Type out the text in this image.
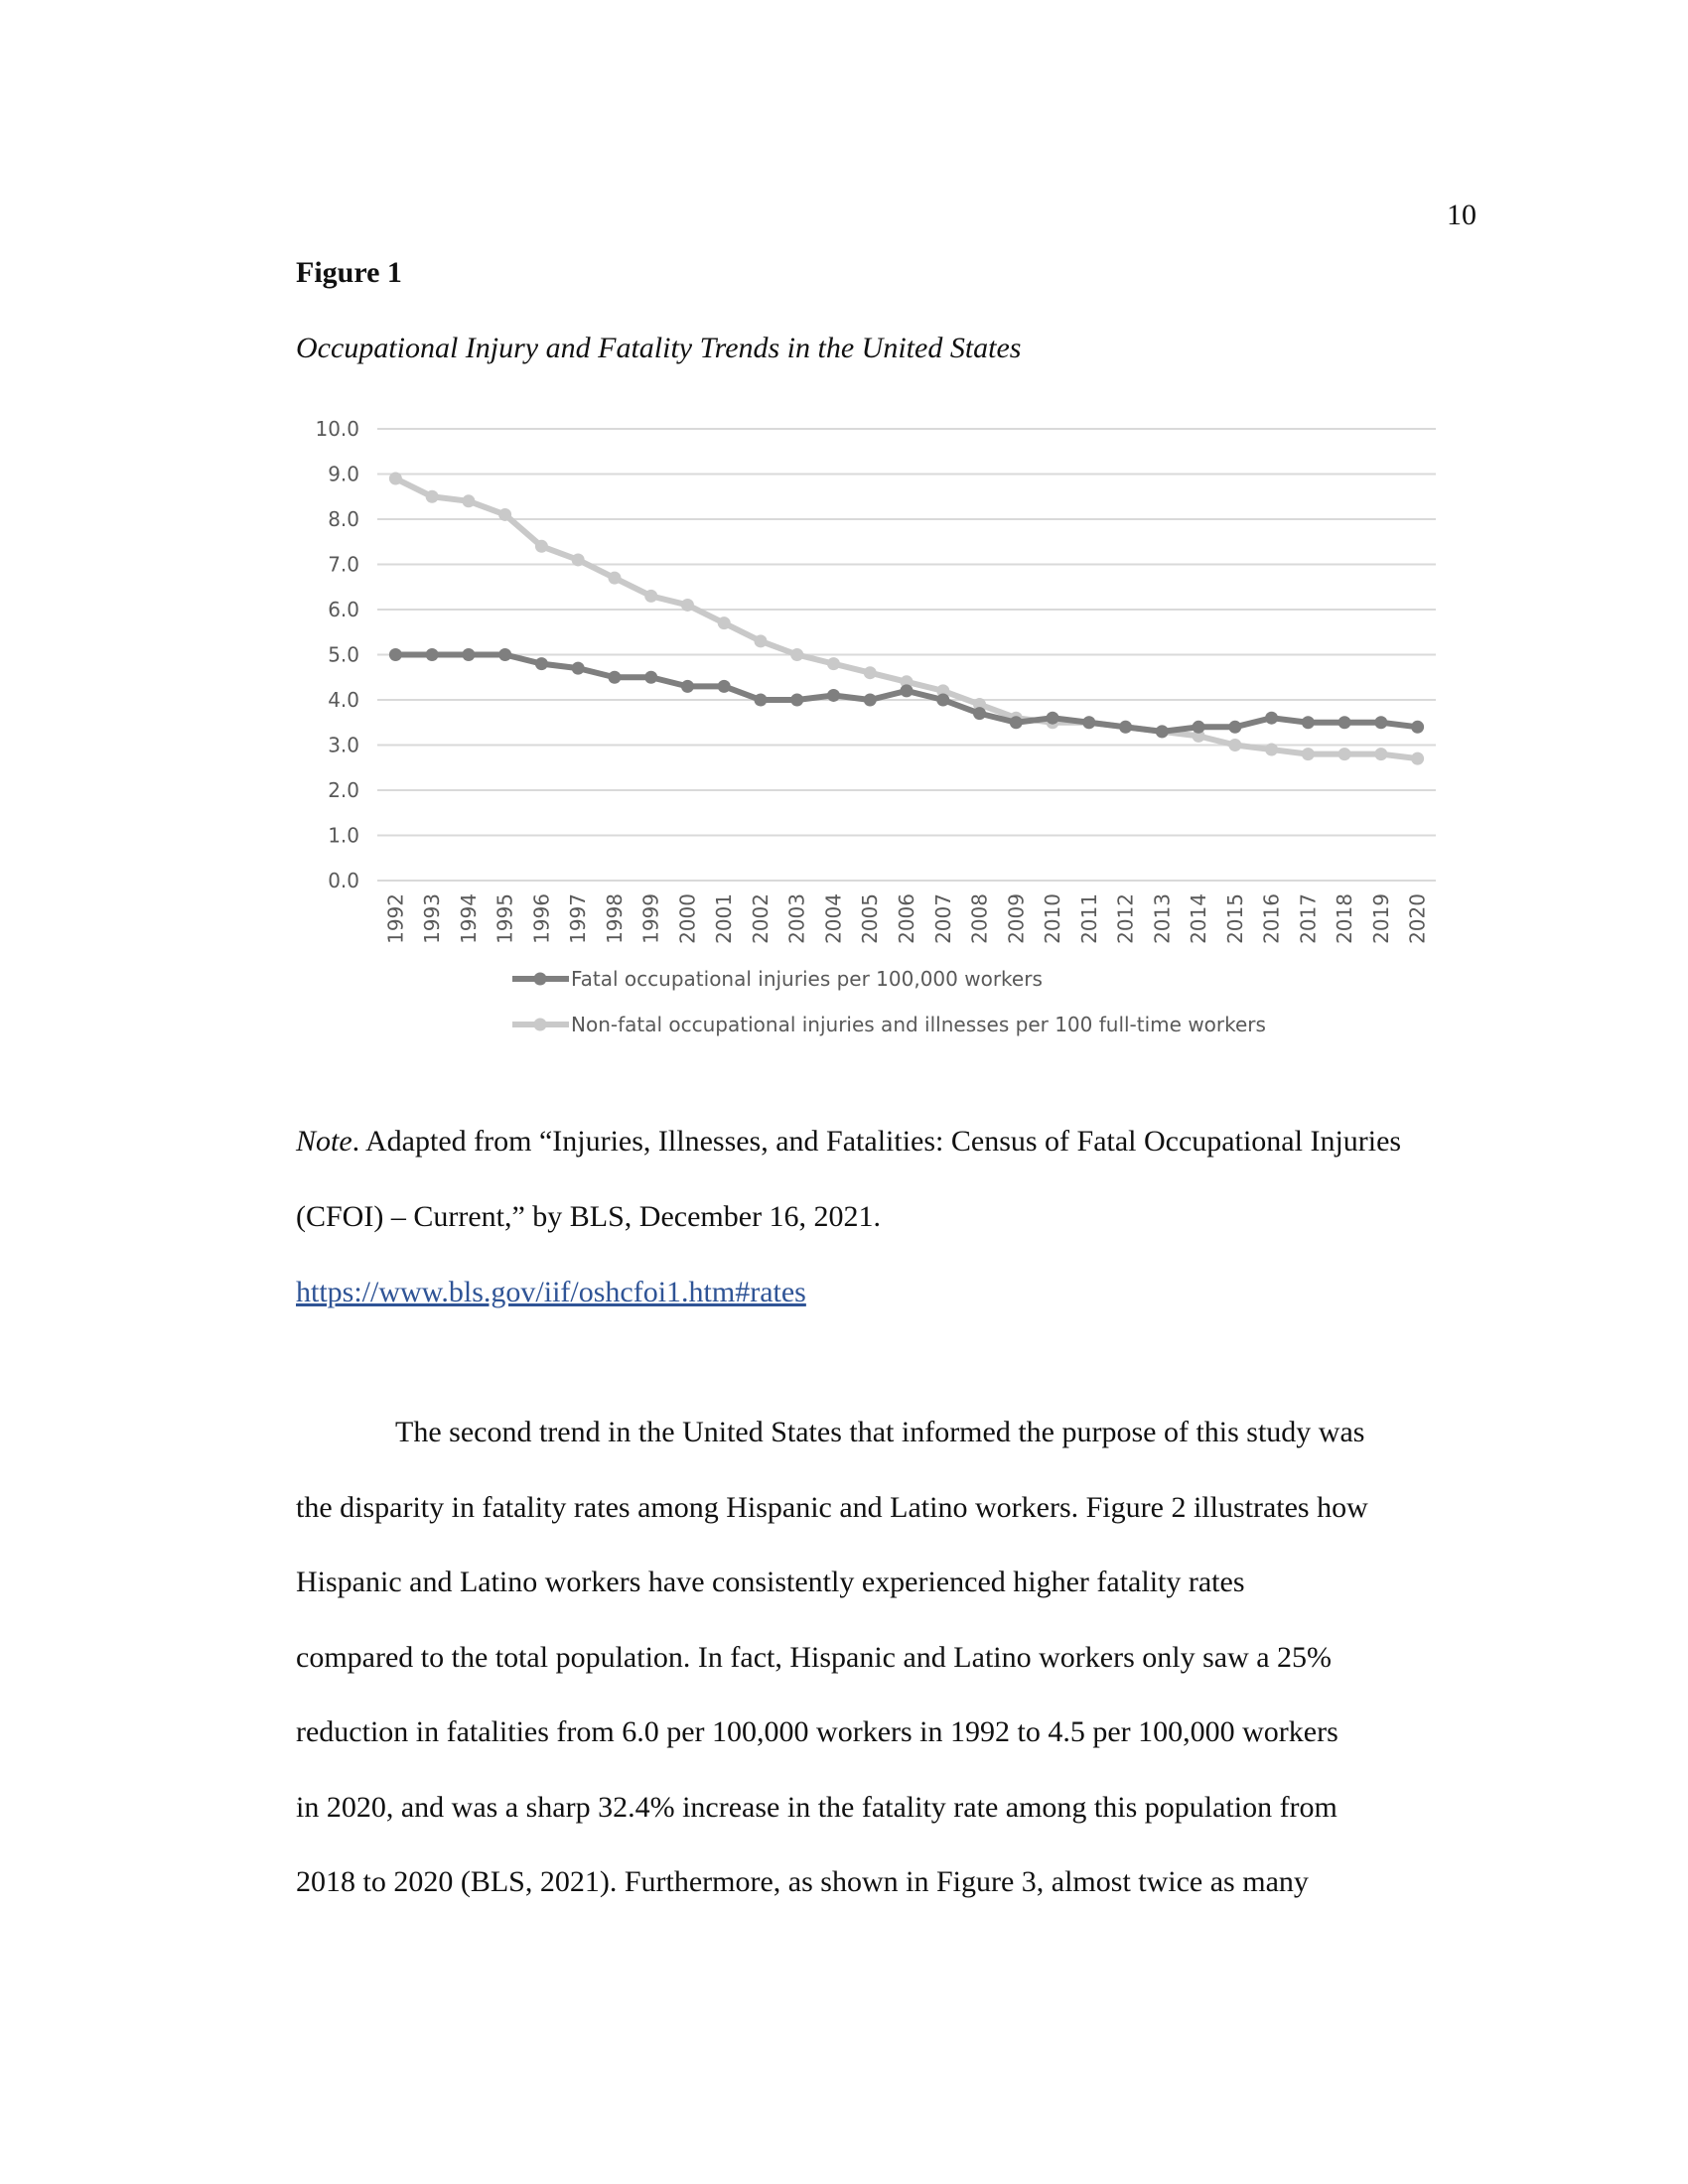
10
Figure 1
Occupational Injury and Fatality Trends in the United States
0.0
1.0
2.0
3.0
4.0
5.0
6.0
7.0
8.0
9.0
10.0
1992 1993 1994 1995 1996 1997 1998 1999 2000 2001 2002 2003 2004 2005 2006 2007 2008 2009 2010 2011 2012 2013 2014 2015 2016 2017 2018 2019 2020
Fatal occupational injuries per 100,000 workers
Non-fatal occupational injuries and illnesses per 100 full-time workers
Note. Adapted from “Injuries, Illnesses, and Fatalities: Census of Fatal Occupational Injuries (CFOI) – Current,” by BLS, December 16, 2021.
https://www.bls.gov/iif/oshcfoi1.htm#rates

The second trend in the United States that informed the purpose of this study was
the disparity in fatality rates among Hispanic and Latino workers. Figure 2 illustrates how
Hispanic and Latino workers have consistently experienced higher fatality rates
compared to the total population. In fact, Hispanic and Latino workers only saw a 25%
reduction in fatalities from 6.0 per 100,000 workers in 1992 to 4.5 per 100,000 workers
in 2020, and was a sharp 32.4% increase in the fatality rate among this population from
2018 to 2020 (BLS, 2021). Furthermore, as shown in Figure 3, almost twice as many
